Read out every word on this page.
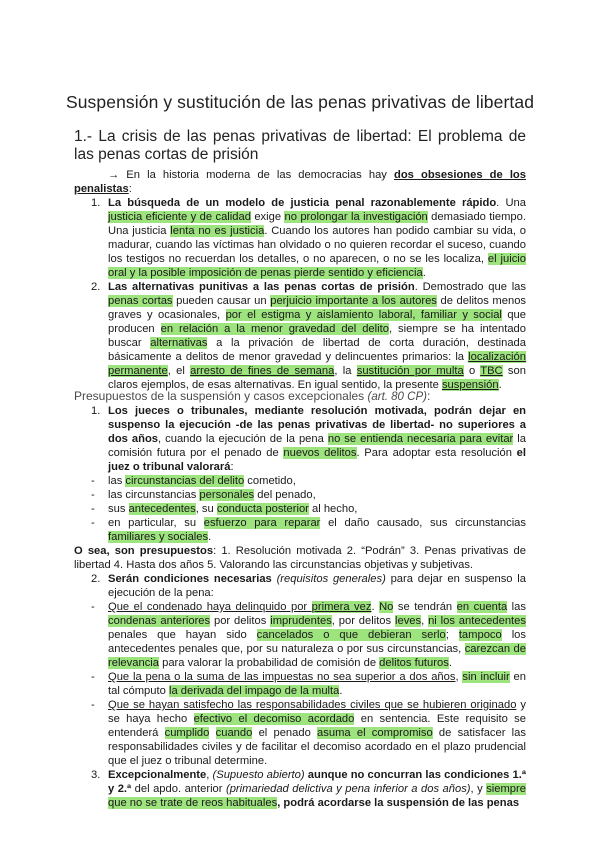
Suspensión y sustitución de las penas privativas de libertad
1.- La crisis de las penas privativas de libertad: El problema de las penas cortas de prisión

→ En la historia moderna de las democracias hay dos obsesiones de los penalistas:

1. La búsqueda de un modelo de justicia penal razonablemente rápido. Una justicia eficiente y de calidad exige no prolongar la investigación demasiado tiempo. Una justicia lenta no es justicia. Cuando los autores han podido cambiar su vida, o madurar, cuando las víctimas han olvidado o no quieren recordar el suceso, cuando los testigos no recuerdan los detalles, o no aparecen, o no se les localiza, el juicio oral y la posible imposición de penas pierde sentido y eficiencia.
2. Las alternativas punitivas a las penas cortas de prisión. Demostrado que las penas cortas pueden causar un perjuicio importante a los autores de delitos menos graves y ocasionales, por el estigma y aislamiento laboral, familiar y social que producen en relación a la menor gravedad del delito, siempre se ha intentado buscar alternativas a la privación de libertad de corta duración, destinada básicamente a delitos de menor gravedad y delincuentes primarios: la localización permanente, el arresto de fines de semana, la sustitución por multa o TBC son claros ejemplos, de esas alternativas. En igual sentido, la presente suspensión.
Presupuestos de la suspensión y casos excepcionales (art. 80 CP):
1. Los jueces o tribunales, mediante resolución motivada, podrán dejar en suspenso la ejecución -de las penas privativas de libertad- no superiores a dos años, cuando la ejecución de la pena no se entienda necesaria para evitar la comisión futura por el penado de nuevos delitos. Para adoptar esta resolución el juez o tribunal valorará:
- las circunstancias del delito cometido,
- las circunstancias personales del penado,
- sus antecedentes, su conducta posterior al hecho,
- en particular, su esfuerzo para reparar el daño causado, sus circunstancias familiares y sociales.

O sea, son presupuestos: 1. Resolución motivada 2. “Podrán” 3. Penas privativas de libertad 4. Hasta dos años 5. Valorando las circunstancias objetivas y subjetivas.

2. Serán condiciones necesarias (requisitos generales) para dejar en suspenso la ejecución de la pena:
- Que el condenado haya delinquido por primera vez. No se tendrán en cuenta las condenas anteriores por delitos imprudentes, por delitos leves, ni los antecedentes penales que hayan sido cancelados o que debieran serlo; tampoco los antecedentes penales que, por su naturaleza o por sus circunstancias, carezcan de relevancia para valorar la probabilidad de comisión de delitos futuros.
- Que la pena o la suma de las impuestas no sea superior a dos años, sin incluir en tal cómputo la derivada del impago de la multa.
- Que se hayan satisfecho las responsabilidades civiles que se hubieren originado y se haya hecho efectivo el decomiso acordado en sentencia. Este requisito se entenderá cumplido cuando el penado asuma el compromiso de satisfacer las responsabilidades civiles y de facilitar el decomiso acordado en el plazo prudencial que el juez o tribunal determine.
3. Excepcionalmente, (Supuesto abierto) aunque no concurran las condiciones 1.ª y 2.ª del apdo. anterior (primariedad delictiva y pena inferior a dos años), y siempre que no se trate de reos habituales, podrá acordarse la suspensión de las penas
